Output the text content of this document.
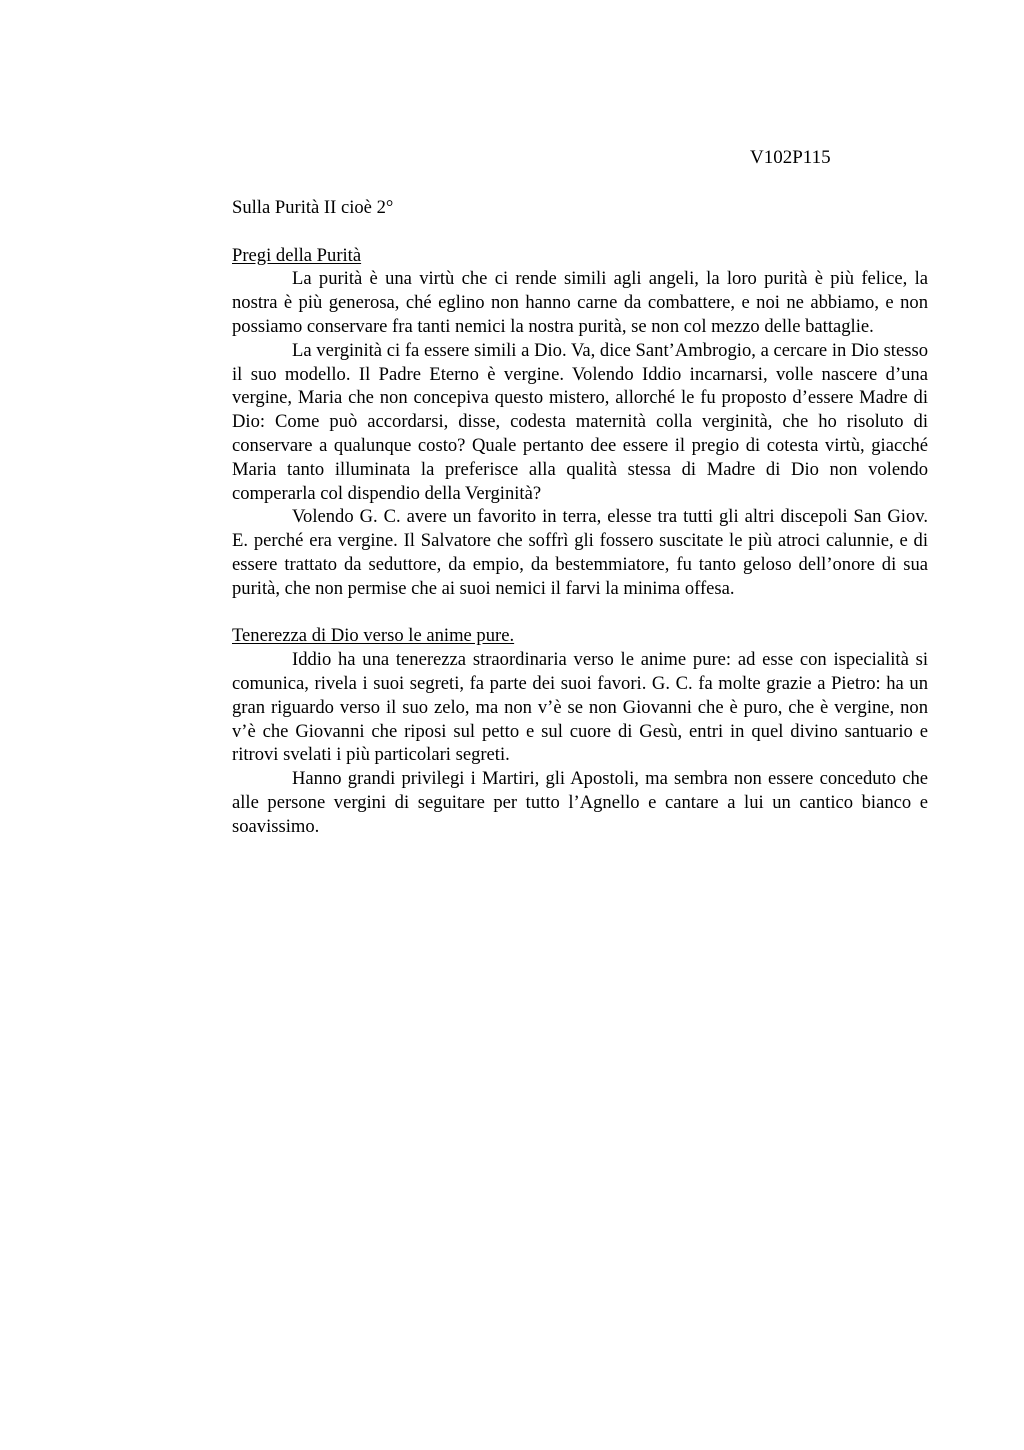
V102P115
Sulla Purità II cioè 2°
Pregi della Purità

La purità è una virtù che ci rende simili agli angeli, la loro purità è più felice, la nostra è più generosa, ché eglino non hanno carne da combattere, e noi ne abbiamo, e non possiamo conservare fra tanti nemici la nostra purità, se non col mezzo delle battaglie.

La verginità ci fa essere simili a Dio. Va, dice Sant’Ambrogio, a cercare in Dio stesso il suo modello. Il Padre Eterno è vergine. Volendo Iddio incarnarsi, volle nascere d’una vergine, Maria che non concepiva questo mistero, allorché le fu proposto d’essere Madre di Dio: Come può accordarsi, disse, codesta maternità colla verginità, che ho risoluto di conservare a qualunque costo? Quale pertanto dee essere il pregio di cotesta virtù, giacché Maria tanto illuminata la preferisce alla qualità stessa di Madre di Dio non volendo comperarla col dispendio della Verginità?

Volendo G. C. avere un favorito in terra, elesse tra tutti gli altri discepoli San Giov. E. perché era vergine. Il Salvatore che soffrì gli fossero suscitate le più atroci calunnie, e di essere trattato da seduttore, da empio, da bestemmiatore, fu tanto geloso dell’onore di sua purità, che non permise che ai suoi nemici il farvi la minima offesa.

Tenerezza di Dio verso le anime pure.

Iddio ha una tenerezza straordinaria verso le anime pure: ad esse con ispecialità si comunica, rivela i suoi segreti, fa parte dei suoi favori. G. C. fa molte grazie a Pietro: ha un gran riguardo verso il suo zelo, ma non v’è se non Giovanni che è puro, che è vergine, non v’è che Giovanni che riposi sul petto e sul cuore di Gesù, entri in quel divino santuario e ritrovi svelati i più particolari segreti.

Hanno grandi privilegi i Martiri, gli Apostoli, ma sembra non essere conceduto che alle persone vergini di seguitare per tutto l’Agnello e cantare a lui un cantico bianco e soavissimo.
